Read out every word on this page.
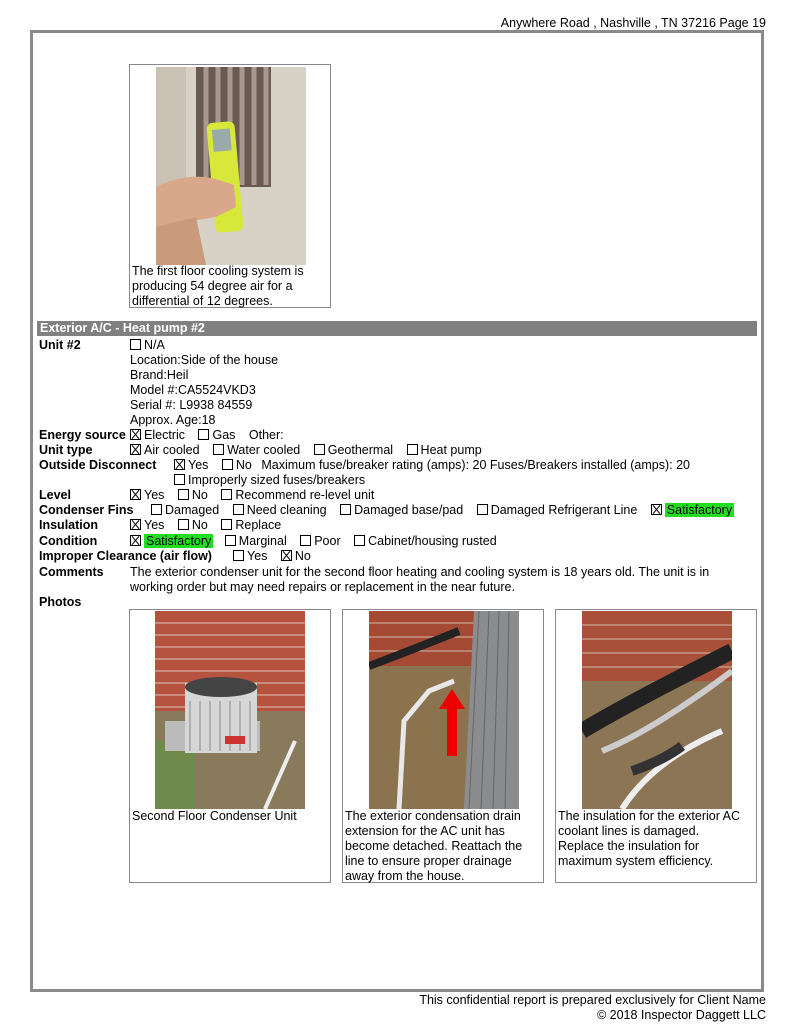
Anywhere Road , Nashville , TN 37216 Page 19
The first floor cooling system is
producing 54 degree air for a
differential of 12 degrees.
Exterior A/C - Heat pump #2
Unit #2	N/A
Location:Side of the house
Brand:Heil
Model #:CA5524VKD3
Serial #: L9938 84559
Approx. Age:18
Energy source	Electric Gas Other:
Unit type	Air cooled Water cooled Geothermal Heat pump
Outside Disconnect	Yes No Maximum fuse/breaker rating (amps): 20 Fuses/Breakers installed (amps): 20
Improperly sized fuses/breakers
Level	Yes No Recommend re-level unit
Condenser Fins	Damaged Need cleaning Damaged base/pad Damaged Refrigerant Line Satisfactory
Insulation	Yes No Replace
Condition	Satisfactory Marginal Poor Cabinet/housing rusted
Improper Clearance (air flow)	Yes No
Comments The exterior condenser unit for the second floor heating and cooling system is 18 years old. The unit is in
working order but may need repairs or replacement in the near future.
Photos
Second Floor Condenser Unit	The exterior condensation drain
extension for the AC unit has
become detached. Reattach the
line to ensure proper drainage
away from the house.
The insulation for the exterior AC
coolant lines is damaged.
Replace the insulation for
maximum system efficiency.
This confidential report is prepared exclusively for Client Name
© 2018 Inspector Daggett LLC
